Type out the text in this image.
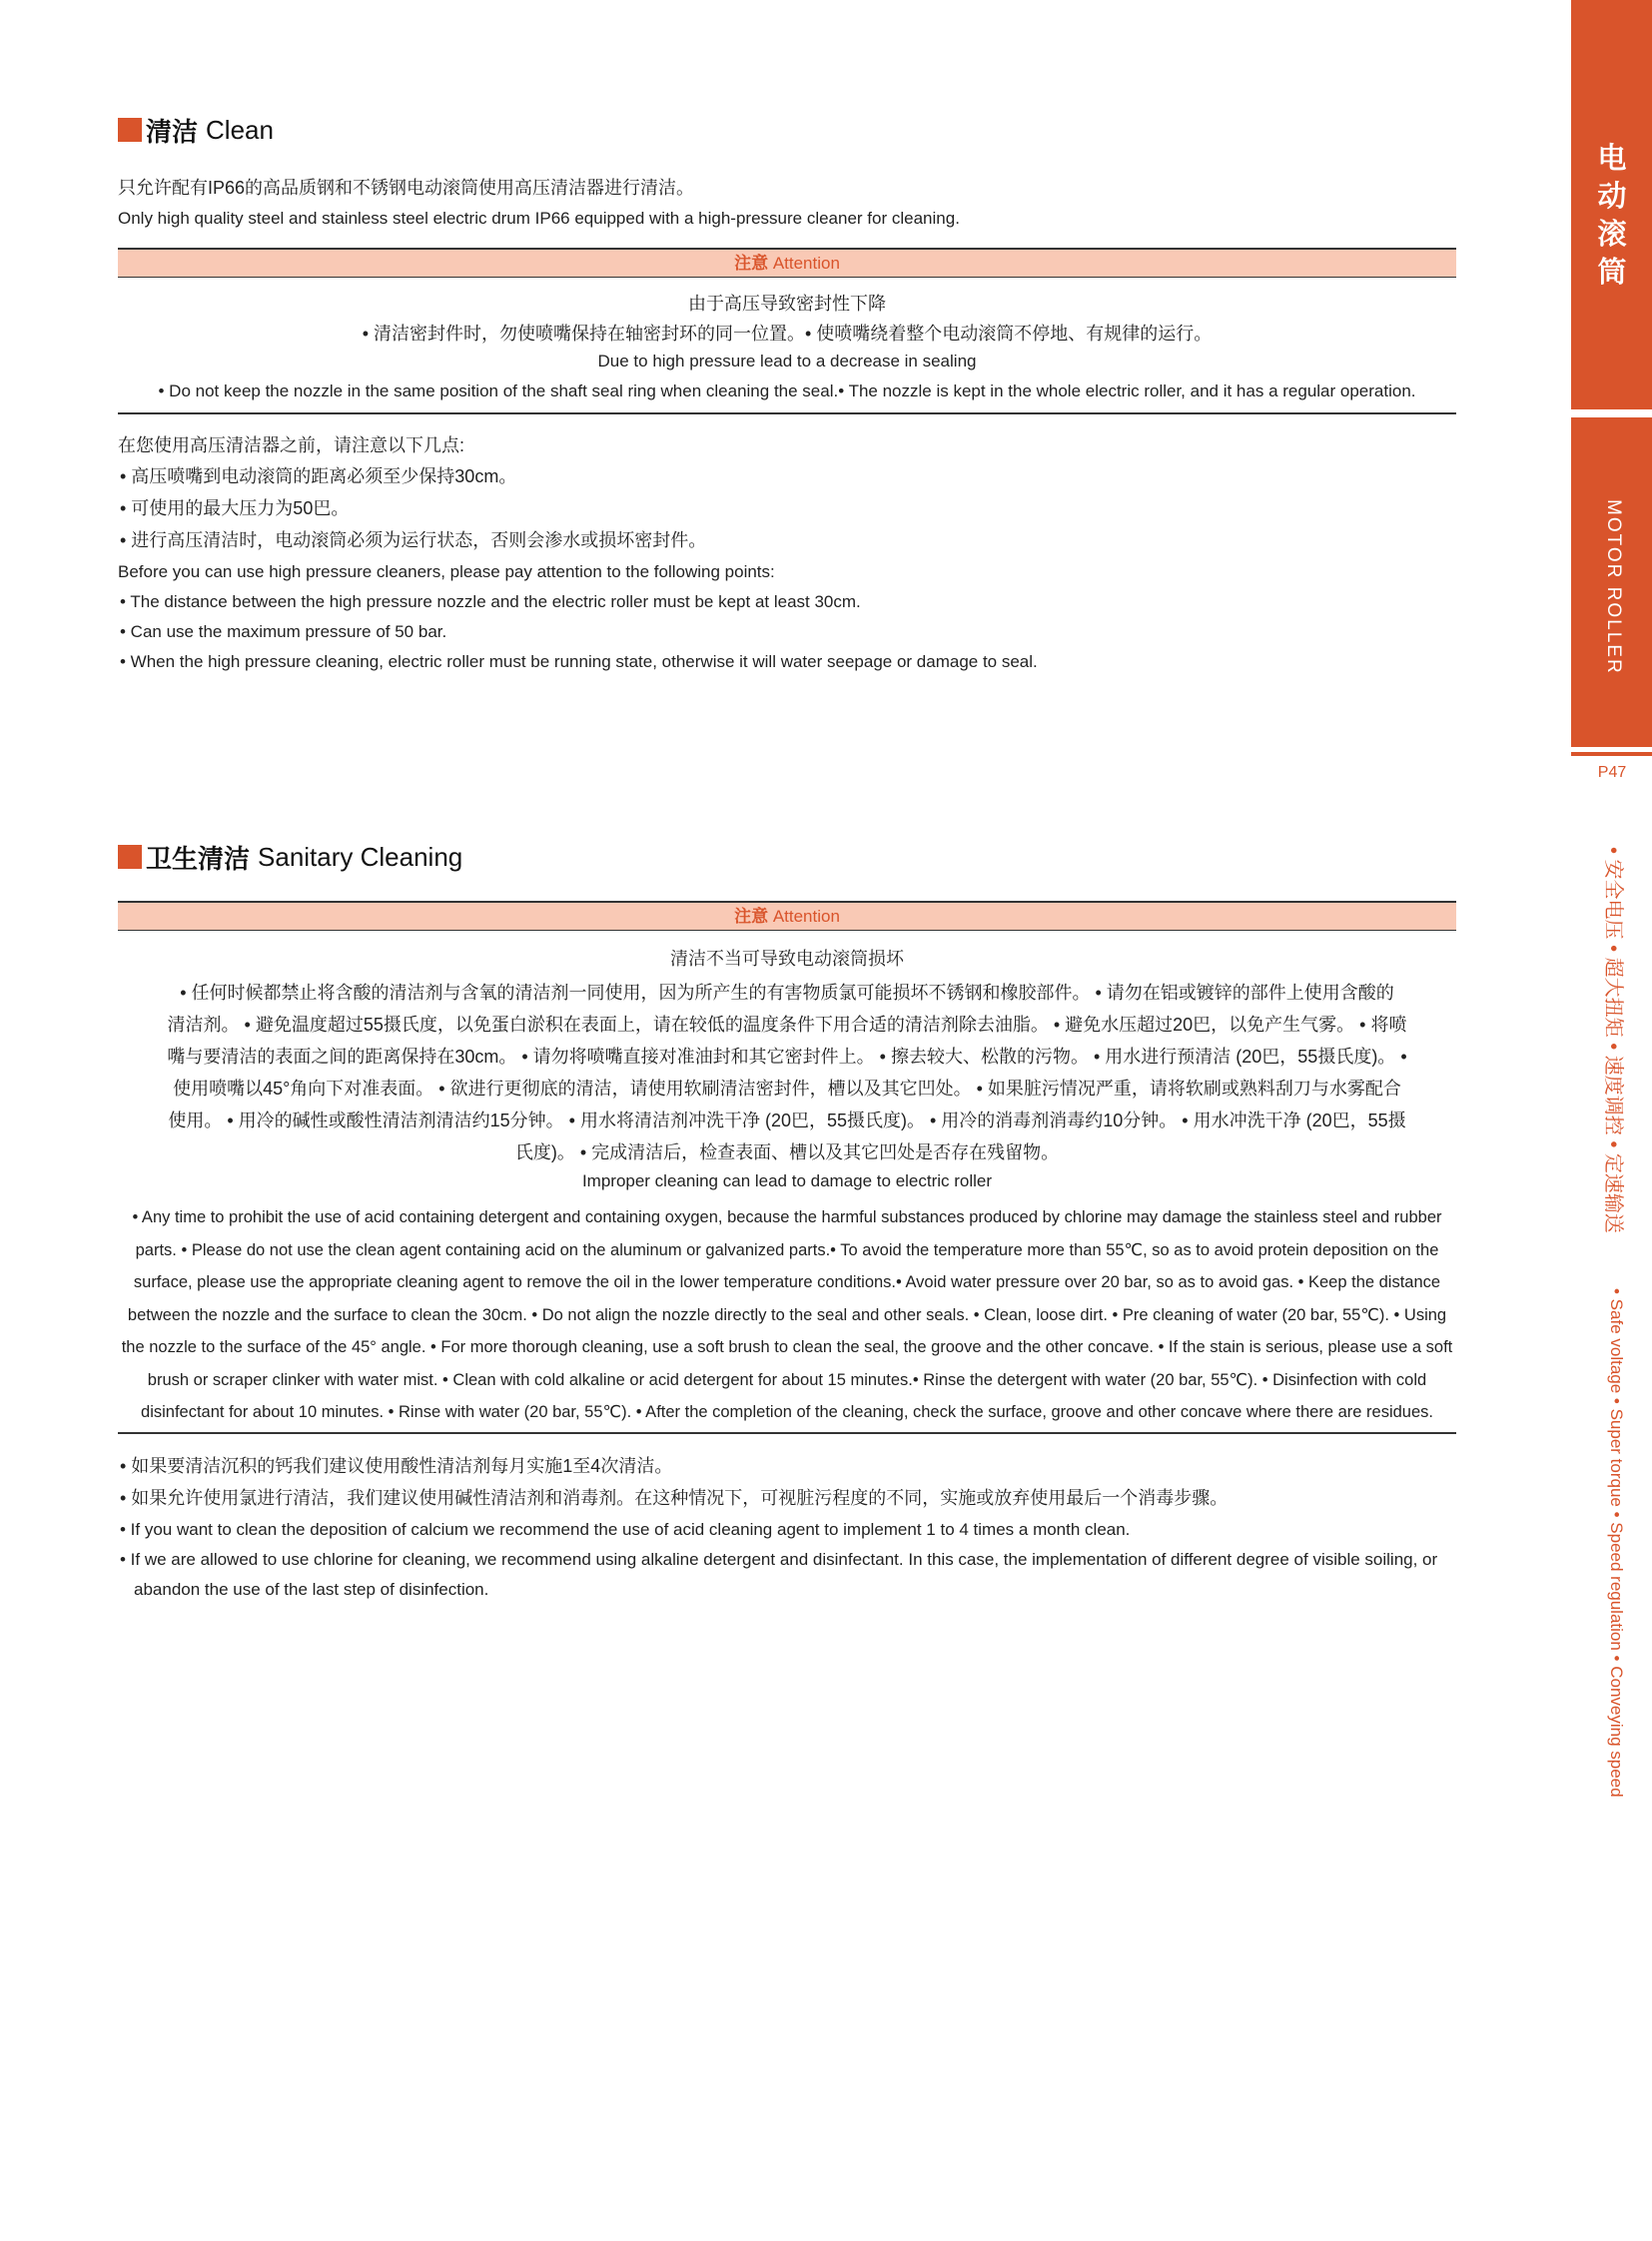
电动滚筒
MOTOR ROLLER
P47
• 安全电压 • 超大扭矩 • 速度调控 • 定速输送
• Safe voltage • Super torque • Speed regulation • Conveying speed
清洁 Clean
只允许配有IP66的高品质钢和不锈钢电动滚筒使用高压清洁器进行清洁。
Only high quality steel and stainless steel electric drum IP66 equipped with a high-pressure cleaner for cleaning.
注意 Attention
由于高压导致密封性下降
• 清洁密封件时，勿使喷嘴保持在轴密封环的同一位置。• 使喷嘴绕着整个电动滚筒不停地、有规律的运行。
Due to high pressure lead to a decrease in sealing
• Do not keep the nozzle in the same position of the shaft seal ring when cleaning the seal.• The nozzle is kept in the whole electric roller, and it has a regular operation.
在您使用高压清洁器之前，请注意以下几点:
• 高压喷嘴到电动滚筒的距离必须至少保持30cm。
• 可使用的最大压力为50巴。
• 进行高压清洁时，电动滚筒必须为运行状态，否则会渗水或损坏密封件。
Before you can use high pressure cleaners, please pay attention to the following points:
• The distance between the high pressure nozzle and the electric roller must be kept at least 30cm.
• Can use the maximum pressure of 50 bar.
• When the high pressure cleaning, electric roller must be running state, otherwise it will water seepage or damage to seal.
卫生清洁 Sanitary Cleaning
注意 Attention
清洁不当可导致电动滚筒损坏

• 任何时候都禁止将含酸的清洁剂与含氧的清洁剂一同使用，因为所产生的有害物质氯可能损坏不锈钢和橡胶部件。 • 请勿在铝或镀锌的部件上使用含酸的

清洁剂。 • 避免温度超过55摄氏度，以免蛋白淤积在表面上，请在较低的温度条件下用合适的清洁剂除去油脂。 • 避免水压超过20巴，以免产生气雾。 • 将喷

嘴与要清洁的表面之间的距离保持在30cm。 • 请勿将喷嘴直接对准油封和其它密封件上。 • 擦去较大、松散的污物。 • 用水进行预清洁 (20巴，55摄氏度)。 •

使用喷嘴以45°角向下对准表面。 • 欲进行更彻底的清洁，请使用软刷清洁密封件，槽以及其它凹处。 • 如果脏污情况严重，请将软刷或熟料刮刀与水雾配合

使用。 • 用冷的碱性或酸性清洁剂清洁约15分钟。 • 用水将清洁剂冲洗干净 (20巴，55摄氏度)。 • 用冷的消毒剂消毒约10分钟。 • 用水冲洗干净 (20巴，55摄

氏度)。 • 完成清洁后，检查表面、槽以及其它凹处是否存在残留物。

Improper cleaning can lead to damage to electric roller

• Any time to prohibit the use of acid containing detergent and containing oxygen, because the harmful substances produced by chlorine may damage the stainless steel and rubber

parts. • Please do not use the clean agent containing acid on the aluminum or galvanized parts.• To avoid the temperature more than 55℃, so as to avoid protein deposition on the

surface, please use the appropriate cleaning agent to remove the oil in the lower temperature conditions.• Avoid water pressure over 20 bar, so as to avoid gas. • Keep the distance

between the nozzle and the surface to clean the 30cm. • Do not align the nozzle directly to the seal and other seals. • Clean, loose dirt. • Pre cleaning of water (20 bar, 55℃). • Using

the nozzle to the surface of the 45° angle. • For more thorough cleaning, use a soft brush to clean the seal, the groove and the other concave. • If the stain is serious, please use a soft

brush or scraper clinker with water mist. • Clean with cold alkaline or acid detergent for about 15 minutes.• Rinse the detergent with water (20 bar, 55℃). • Disinfection with cold

disinfectant for about 10 minutes. • Rinse with water (20 bar, 55℃). • After the completion of the cleaning, check the surface, groove and other concave where there are residues.

• 如果要清洁沉积的钙我们建议使用酸性清洁剂每月实施1至4次清洁。
• 如果允许使用氯进行清洁，我们建议使用碱性清洁剂和消毒剂。在这种情况下，可视脏污程度的不同，实施或放弃使用最后一个消毒步骤。
• If you want to clean the deposition of calcium we recommend the use of acid cleaning agent to implement 1 to 4 times a month clean.
• If we are allowed to use chlorine for cleaning, we recommend using alkaline detergent and disinfectant. In this case, the implementation of different degree of visible soiling, or
abandon the use of the last step of disinfection.
